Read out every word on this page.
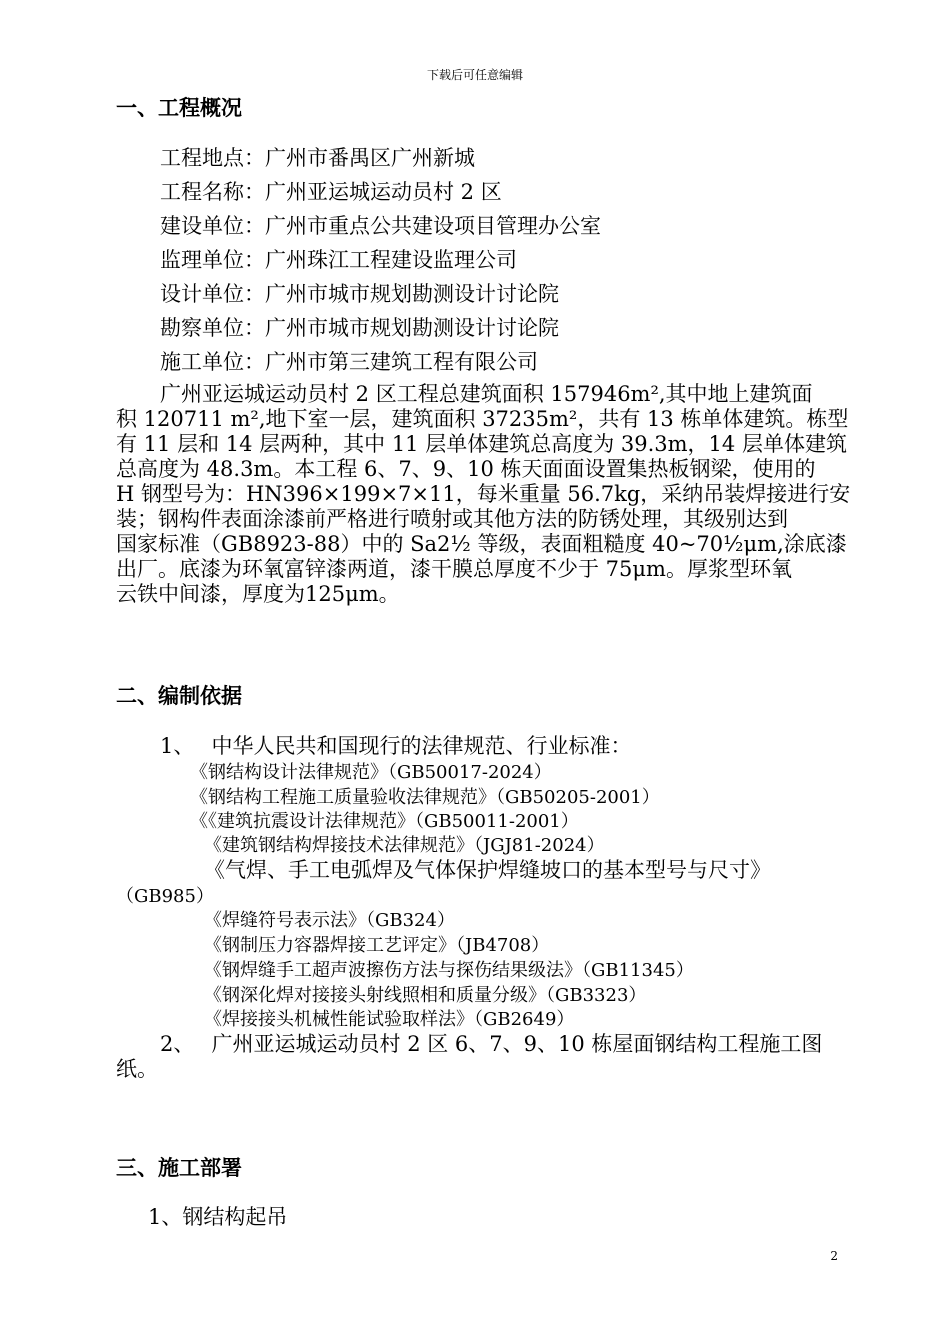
下载后可任意编辑
一、工程概况
工程地点：广州市番禺区广州新城
工程名称：广州亚运城运动员村 2 区
建设单位：广州市重点公共建设项目管理办公室
监理单位：广州珠江工程建设监理公司
设计单位：广州市城市规划勘测设计讨论院
勘察单位：广州市城市规划勘测设计讨论院
施工单位：广州市第三建筑工程有限公司
广州亚运城运动员村 2 区工程总建筑面积 157946m²,其中地上建筑面
积 120711 m²,地下室一层，建筑面积 37235m²，共有 13 栋单体建筑。栋型
有 11 层和 14 层两种，其中 11 层单体建筑总高度为 39.3m，14 层单体建筑
总高度为 48.3m。本工程 6、7、9、10 栋天面面设置集热板钢梁，使用的
H 钢型号为：HN396×199×7×11，每米重量 56.7kg，采纳吊装焊接进行安
装；钢构件表面涂漆前严格进行喷射或其他方法的防锈处理，其级别达到
国家标准（GB8923-88）中的 Sa2½ 等级，表面粗糙度 40~70½μm,涂底漆
出厂。底漆为环氧富锌漆两道，漆干膜总厚度不少于 75μm。厚浆型环氧
云铁中间漆，厚度为125μm。
二、编制依据
1、　 中华人民共和国现行的法律规范、行业标准：
《钢结构设计法律规范》（GB50017-2024）
《钢结构工程施工质量验收法律规范》（GB50205-2001）
《《建筑抗震设计法律规范》（GB50011-2001）
《建筑钢结构焊接技术法律规范》（JGJ81-2024）
《气焊、手工电弧焊及气体保护焊缝坡口的基本型号与尺寸》
（GB985）
《焊缝符号表示法》（GB324）
《钢制压力容器焊接工艺评定》（JB4708）
《钢焊缝手工超声波擦伤方法与探伤结果级法》（GB11345）
《钢深化焊对接接头射线照相和质量分级》（GB3323）
《焊接接头机械性能试验取样法》（GB2649）
2、　 广州亚运城运动员村 2 区 6、7、9、10 栋屋面钢结构工程施工图
纸。
三、施工部署
1、钢结构起吊
2
